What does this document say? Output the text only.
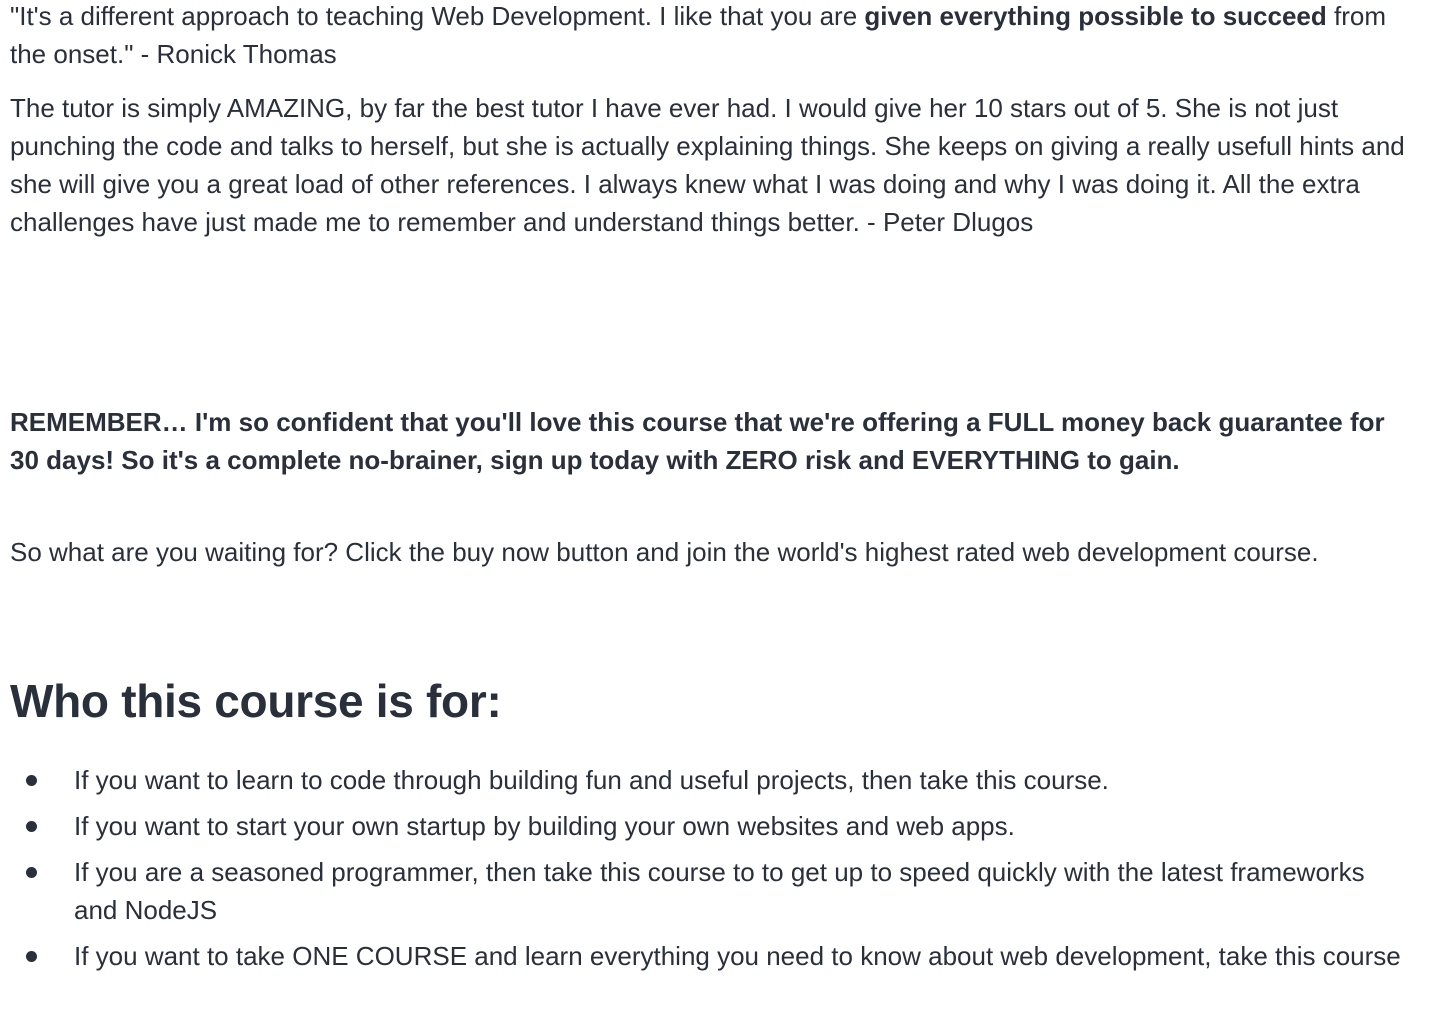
"It's a different approach to teaching Web Development. I like that you are given everything possible to succeed from the onset." - Ronick Thomas

The tutor is simply AMAZING, by far the best tutor I have ever had. I would give her 10 stars out of 5. She is not just punching the code and talks to herself, but she is actually explaining things. She keeps on giving a really usefull hints and she will give you a great load of other references. I always knew what I was doing and why I was doing it. All the extra challenges have just made me to remember and understand things better. - Peter Dlugos

REMEMBER… I'm so confident that you'll love this course that we're offering a FULL money back guarantee for 30 days! So it's a complete no-brainer, sign up today with ZERO risk and EVERYTHING to gain.

So what are you waiting for? Click the buy now button and join the world's highest rated web development course.

Who this course is for:
If you want to learn to code through building fun and useful projects, then take this course.
If you want to start your own startup by building your own websites and web apps.
If you are a seasoned programmer, then take this course to to get up to speed quickly with the latest frameworks and NodeJS
If you want to take ONE COURSE and learn everything you need to know about web development, take this course
